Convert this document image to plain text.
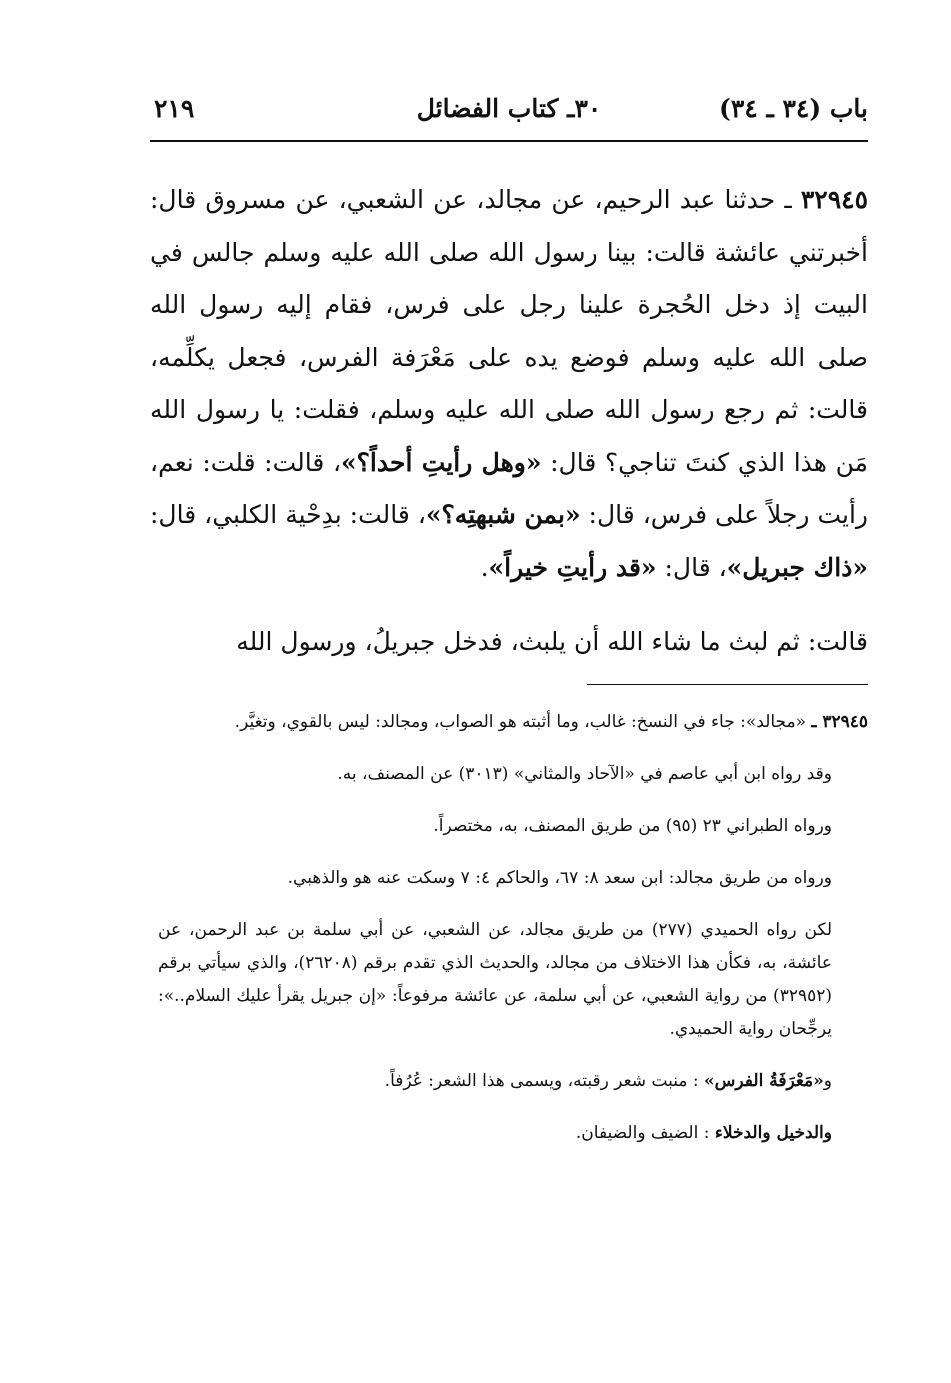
باب (٣٤ ـ ٣٤)
٣٠ـ كتاب الفضائل
٢١٩

٣٢٩٤٥ ـ حدثنا عبد الرحيم، عن مجالد، عن الشعبي، عن مسروق قال: أخبرتني عائشة قالت: بينا رسول الله صلى الله عليه وسلم جالس في البيت إذ دخل الحُجرة علينا رجل على فرس، فقام إليه رسول الله صلى الله عليه وسلم فوضع يده على مَعْرَفة الفرس، فجعل يكلِّمه، قالت: ثم رجع رسول الله صلى الله عليه وسلم، فقلت: يا رسول الله مَن هذا الذي كنتَ تناجي؟ قال: «وهل رأيتِ أحداً؟»، قالت: قلت: نعم، رأيت رجلاً على فرس، قال: «بمن شبهتِه؟»، قالت: بدِحْية الكلبي، قال: «ذاك جبريل»، قال: «قد رأيتِ خيراً».

قالت: ثم لبث ما شاء الله أن يلبث، فدخل جبريلُ، ورسول الله

٣٢٩٤٥ ـ «مجالد»: جاء في النسخ: غالب، وما أثبته هو الصواب، ومجالد: ليس بالقوي، وتغيَّر.

وقد رواه ابن أبي عاصم في «الآحاد والمثاني» (٣٠١٣) عن المصنف، به.

ورواه الطبراني ٢٣ (٩٥) من طريق المصنف، به، مختصراً.

ورواه من طريق مجالد: ابن سعد ٨: ٦٧، والحاكم ٤: ٧ وسكت عنه هو والذهبي.

لكن رواه الحميدي (٢٧٧) من طريق مجالد، عن الشعبي، عن أبي سلمة بن عبد الرحمن، عن عائشة، به، فكأن هذا الاختلاف من مجالد، والحديث الذي تقدم برقم (٢٦٢٠٨)، والذي سيأتي برقم (٣٢٩٥٢) من رواية الشعبي، عن أبي سلمة، عن عائشة مرفوعاً: «إن جبريل يقرأ عليك السلام..»: يرجِّحان رواية الحميدي.

و«مَعْرَفَةُ الفرس» : منبت شعر رقبته، ويسمى هذا الشعر: عُرُفاً.

والدخيل والدخلاء : الضيف والضيفان.
